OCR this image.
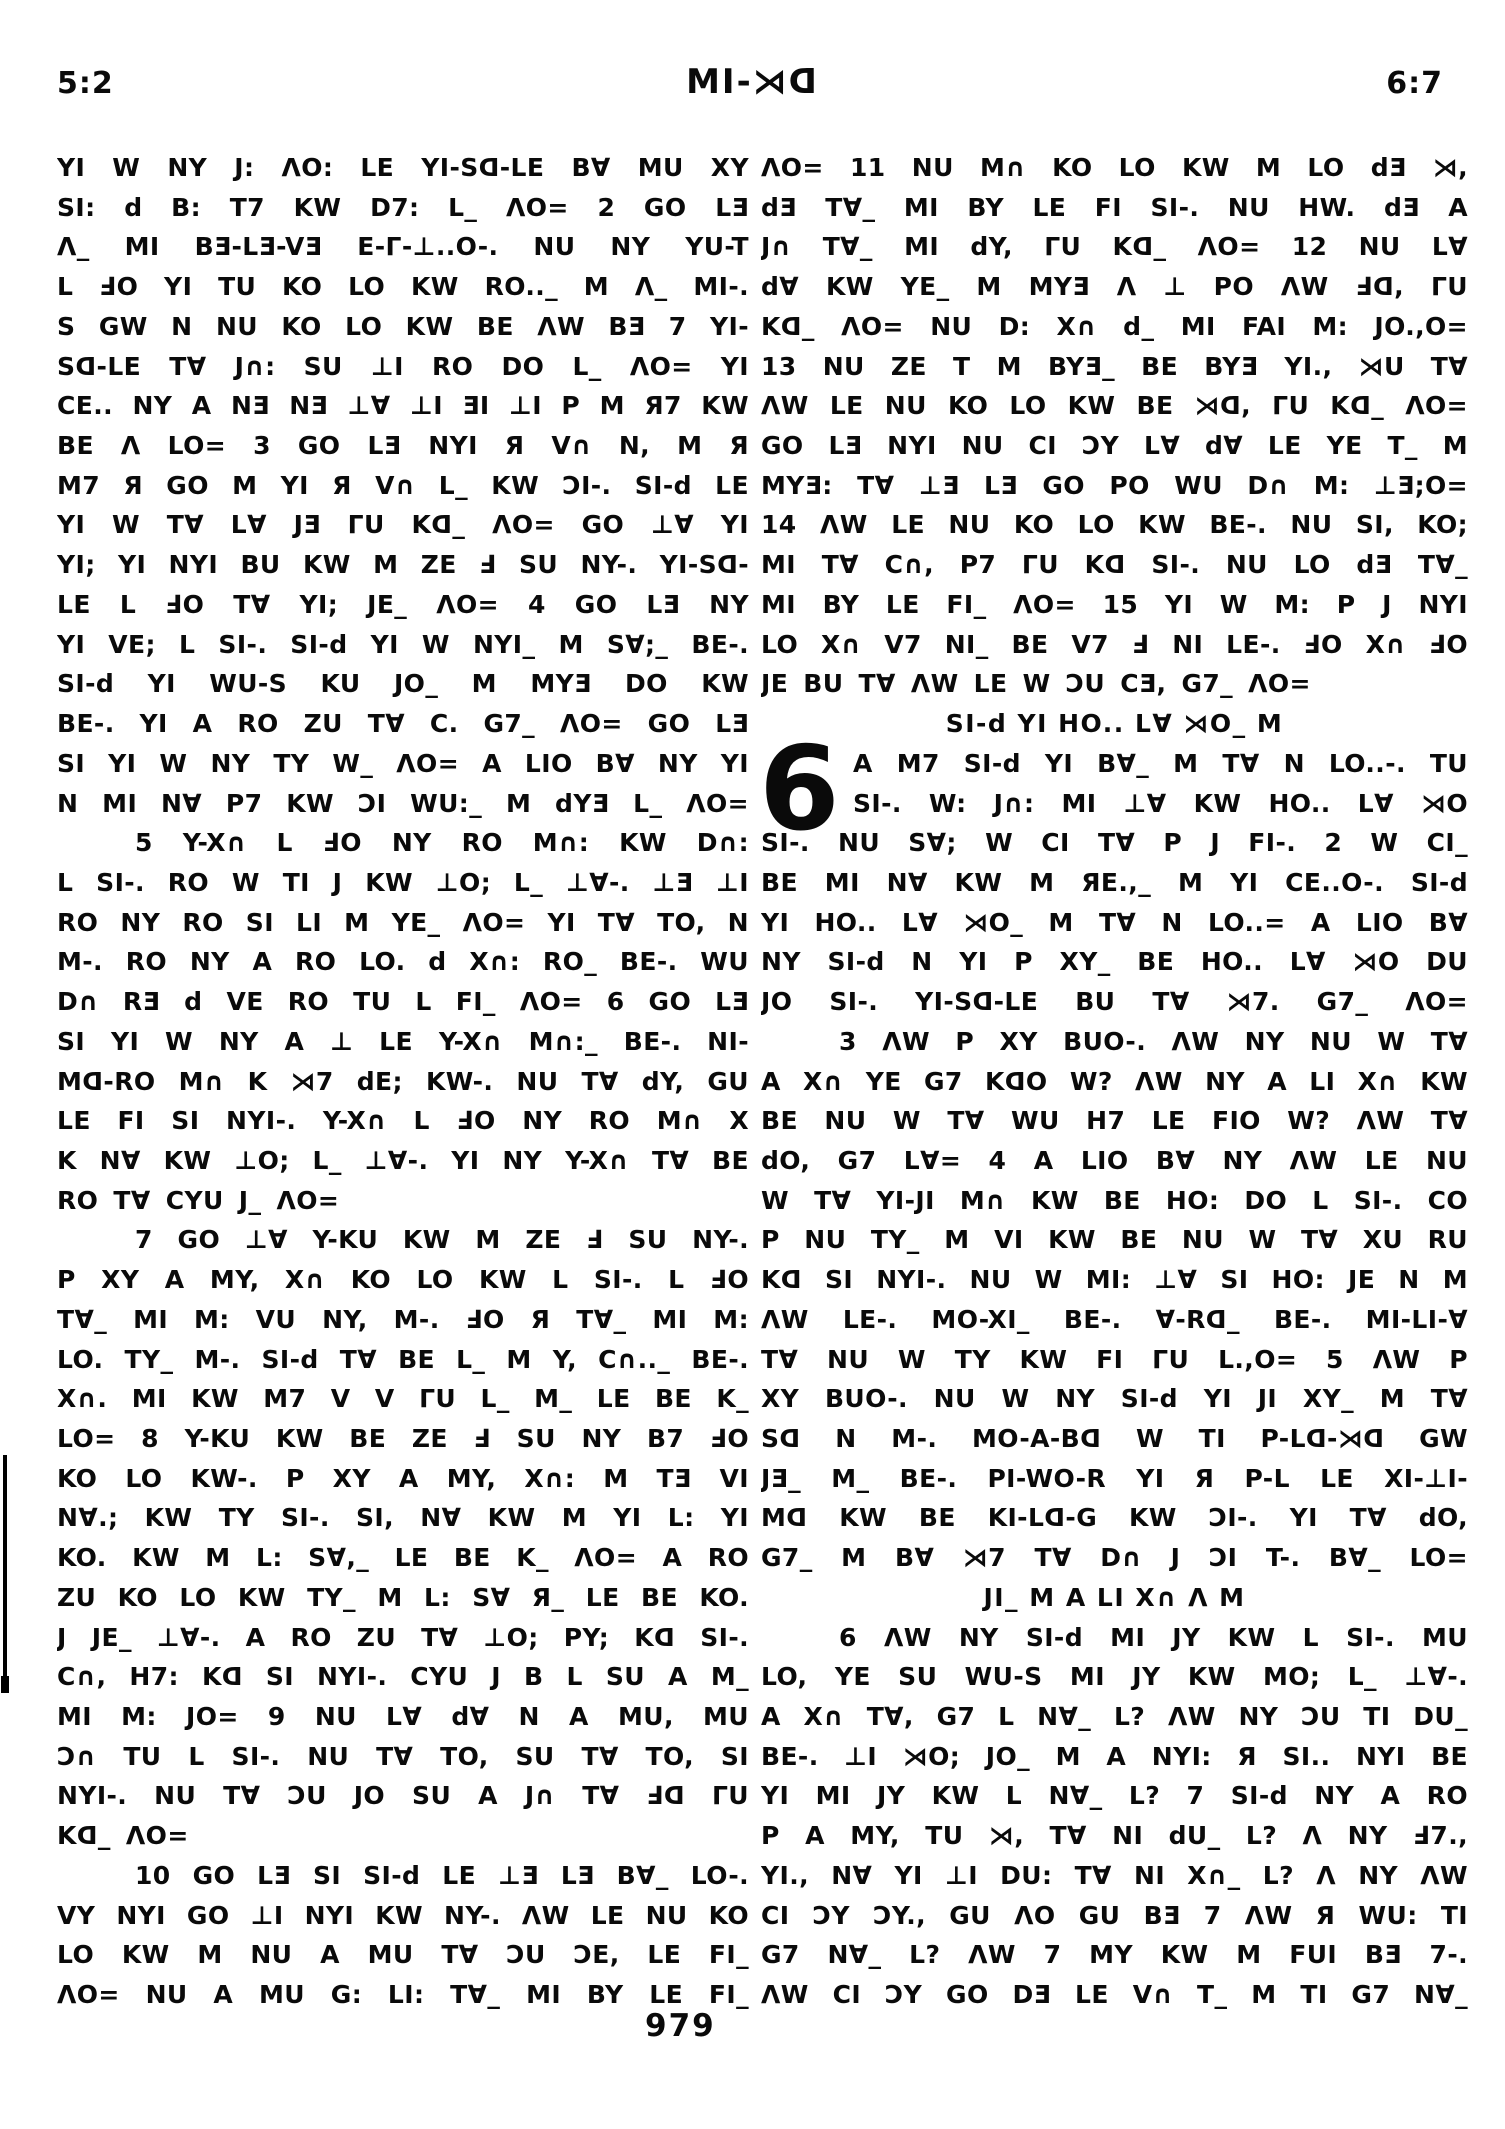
5:2	MI-⋊ᗡ	6:7
YI W NY J: ΛO: LE YI-Sᗡ-LE B∀ MU XY
SI: d B: T7 KW D7: L_ ΛO= 2 GO LƎ
Λ_ MI BƎ-LƎ-VƎ E-Γ-⊥..O-. NU NY YU-T
L ℲO YI TU KO LO KW RO.._ M Λ_ MI-.
S GW N NU KO LO KW BE ΛW BƎ 7 YI-
Sᗡ-LE T∀ J∩: SU ⊥I RO DO L_ ΛO= YI
CE.. NY A NƎ NƎ ⊥∀ ⊥I ƎI ⊥I P M Я7 KW
BE Λ LO= 3 GO LƎ NYI Я V∩ N, M Я
M7 Я GO M YI Я V∩ L_ KW ƆI-. SI-d LE
YI W T∀ L∀ JƎ ΓU Kᗡ_ ΛO= GO ⊥∀ YI
YI; YI NYI BU KW M ZE Ⅎ SU NY-. YI-Sᗡ-
LE L ℲO T∀ YI; JE_ ΛO= 4 GO LƎ NY
YI VE; L SI-. SI-d YI W NYI_ M S∀;_ BE-.
SI-d YI WU-S KU JO_ M MYƎ DO KW
BE-. YI A RO ZU T∀ C. G7_ ΛO= GO LƎ
SI YI W NY TY W_ ΛO= A LIO B∀ NY YI
N MI N∀ P7 KW ƆI WU:_ M dYƎ L_ ΛO=
5 Y-X∩ L ℲO NY RO M∩: KW D∩:
L SI-. RO W TI J KW ⊥O; L_ ⊥∀-. ⊥Ǝ ⊥I
RO NY RO SI LI M YE_ ΛO= YI T∀ TO, N
M-. RO NY A RO LO. d X∩: RO_ BE-. WU
D∩ RƎ d VE RO TU L FI_ ΛO= 6 GO LƎ
SI YI W NY A ⊥ LE Y-X∩ M∩:_ BE-. NI-
Mᗡ-RO M∩ K ⋊7 dE; KW-. NU T∀ dY, GU
LE FI SI NYI-. Y-X∩ L ℲO NY RO M∩ X
K N∀ KW ⊥O; L_ ⊥∀-. YI NY Y-X∩ T∀ BE
RO T∀ CYU J_ ΛO=
7 GO ⊥∀ Y-KU KW M ZE Ⅎ SU NY-.
P XY A MY, X∩ KO LO KW L SI-. L ℲO
T∀_ MI M: VU NY, M-. ℲO Я T∀_ MI M:
LO. TY_ M-. SI-d T∀ BE L_ M Y, C∩.._ BE-.
X∩. MI KW M7 V V ΓU L_ M_ LE BE K_
LO= 8 Y-KU KW BE ZE Ⅎ SU NY B7 ℲO
KO LO KW-. P XY A MY, X∩: M TƎ VI
N∀.; KW TY SI-. SI, N∀ KW M YI L: YI
KO. KW M L: S∀,_ LE BE K_ ΛO= A RO
ZU KO LO KW TY_ M L: S∀ Я_ LE BE KO.
J JE_ ⊥∀-. A RO ZU T∀ ⊥O; PY; Kᗡ SI-.
C∩, H7: Kᗡ SI NYI-. CYU J B L SU A M_
MI M: JO= 9 NU L∀ d∀ N A MU, MU
Ɔ∩ TU L SI-. NU T∀ TO, SU T∀ TO, SI
NYI-. NU T∀ ƆU JO SU A J∩ T∀ Ⅎᗡ ΓU
Kᗡ_ ΛO=
10 GO LƎ SI SI-d LE ⊥Ǝ LƎ B∀_ LO-.
VY NYI GO ⊥I NYI KW NY-. ΛW LE NU KO
LO KW M NU A MU T∀ ƆU ƆE, LE FI_
ΛO= NU A MU G: LI: T∀_ MI BY LE FI_
6
ΛO= 11 NU M∩ KO LO KW M LO dƎ ⋊,
dƎ T∀_ MI BY LE FI SI-. NU HW. dƎ A
J∩ T∀_ MI dY, ΓU Kᗡ_ ΛO= 12 NU L∀
d∀ KW YE_ M MYƎ Λ ⊥ PO ΛW Ⅎᗡ, ΓU
Kᗡ_ ΛO= NU D: X∩ d_ MI FAI M: JO.,O=
13 NU ZE T M BYƎ_ BE BYƎ YI., ⋊U T∀
ΛW LE NU KO LO KW BE ⋊ᗡ, ΓU Kᗡ_ ΛO=
GO LƎ NYI NU CI ƆY L∀ d∀ LE YE T_ M
MYƎ: T∀ ⊥Ǝ LƎ GO PO WU D∩ M: ⊥Ǝ;O=
14 ΛW LE NU KO LO KW BE-. NU SI, KO;
MI T∀ C∩, P7 ΓU Kᗡ SI-. NU LO dƎ T∀_
MI BY LE FI_ ΛO= 15 YI W M: P J NYI
LO X∩ V7 NI_ BE V7 Ⅎ NI LE-. ℲO X∩ ℲO
JE BU T∀ ΛW LE W ƆU CƎ, G7_ ΛO=
SI-d YI HO.. L∀ ⋊O_ M
A M7 SI-d YI B∀_ M T∀ N LO..-. TU
SI-. W: J∩: MI ⊥∀ KW HO.. L∀ ⋊O
SI-. NU S∀; W CI T∀ P J FI-. 2 W CI_
BE MI N∀ KW M ЯE.,_ M YI CE..O-. SI-d
YI HO.. L∀ ⋊O_ M T∀ N LO..= A LIO B∀
NY SI-d N YI P XY_ BE HO.. L∀ ⋊O DU
JO SI-. YI-Sᗡ-LE BU T∀ ⋊7. G7_ ΛO=
3 ΛW P XY BUO-. ΛW NY NU W T∀
A X∩ YE G7 KᗡO W? ΛW NY A LI X∩ KW
BE NU W T∀ WU H7 LE FIO W? ΛW T∀
dO, G7 L∀= 4 A LIO B∀ NY ΛW LE NU
W T∀ YI-JI M∩ KW BE HO: DO L SI-. CO
P NU TY_ M VI KW BE NU W T∀ XU RU
Kᗡ SI NYI-. NU W MI: ⊥∀ SI HO: JE N M
ΛW LE-. MO-XI_ BE-. ∀-Rᗡ_ BE-. MI-LI-∀
T∀ NU W TY KW FI ΓU L.,O= 5 ΛW P
XY BUO-. NU W NY SI-d YI JI XY_ M T∀
Sᗡ N M-. MO-A-Bᗡ W TI P-Lᗡ-⋊ᗡ GW
JƎ_ M_ BE-. PI-WO-R YI Я P-L LE XI-⊥I-
Mᗡ KW BE KI-Lᗡ-G KW ƆI-. YI T∀ dO,
G7_ M B∀ ⋊7 T∀ D∩ J ƆI T-. B∀_ LO=
JI_ M A LI X∩ Λ M
6 ΛW NY SI-d MI JY KW L SI-. MU
LO, YE SU WU-S MI JY KW MO; L_ ⊥∀-.
A X∩ T∀, G7 L N∀_ L? ΛW NY ƆU TI DU_
BE-. ⊥I ⋊O; JO_ M A NYI: Я SI.. NYI BE
YI MI JY KW L N∀_ L? 7 SI-d NY A RO
P A MY, TU ⋊, T∀ NI dU_ L? Λ NY Ⅎ7.,
YI., N∀ YI ⊥I DU: T∀ NI X∩_ L? Λ NY ΛW
CI ƆY ƆY., GU ΛO GU BƎ 7 ΛW Я WU: TI
G7 N∀_ L? ΛW 7 MY KW M FUI BƎ 7-.
ΛW CI ƆY GO DƎ LE V∩ T_ M TI G7 N∀_
979
